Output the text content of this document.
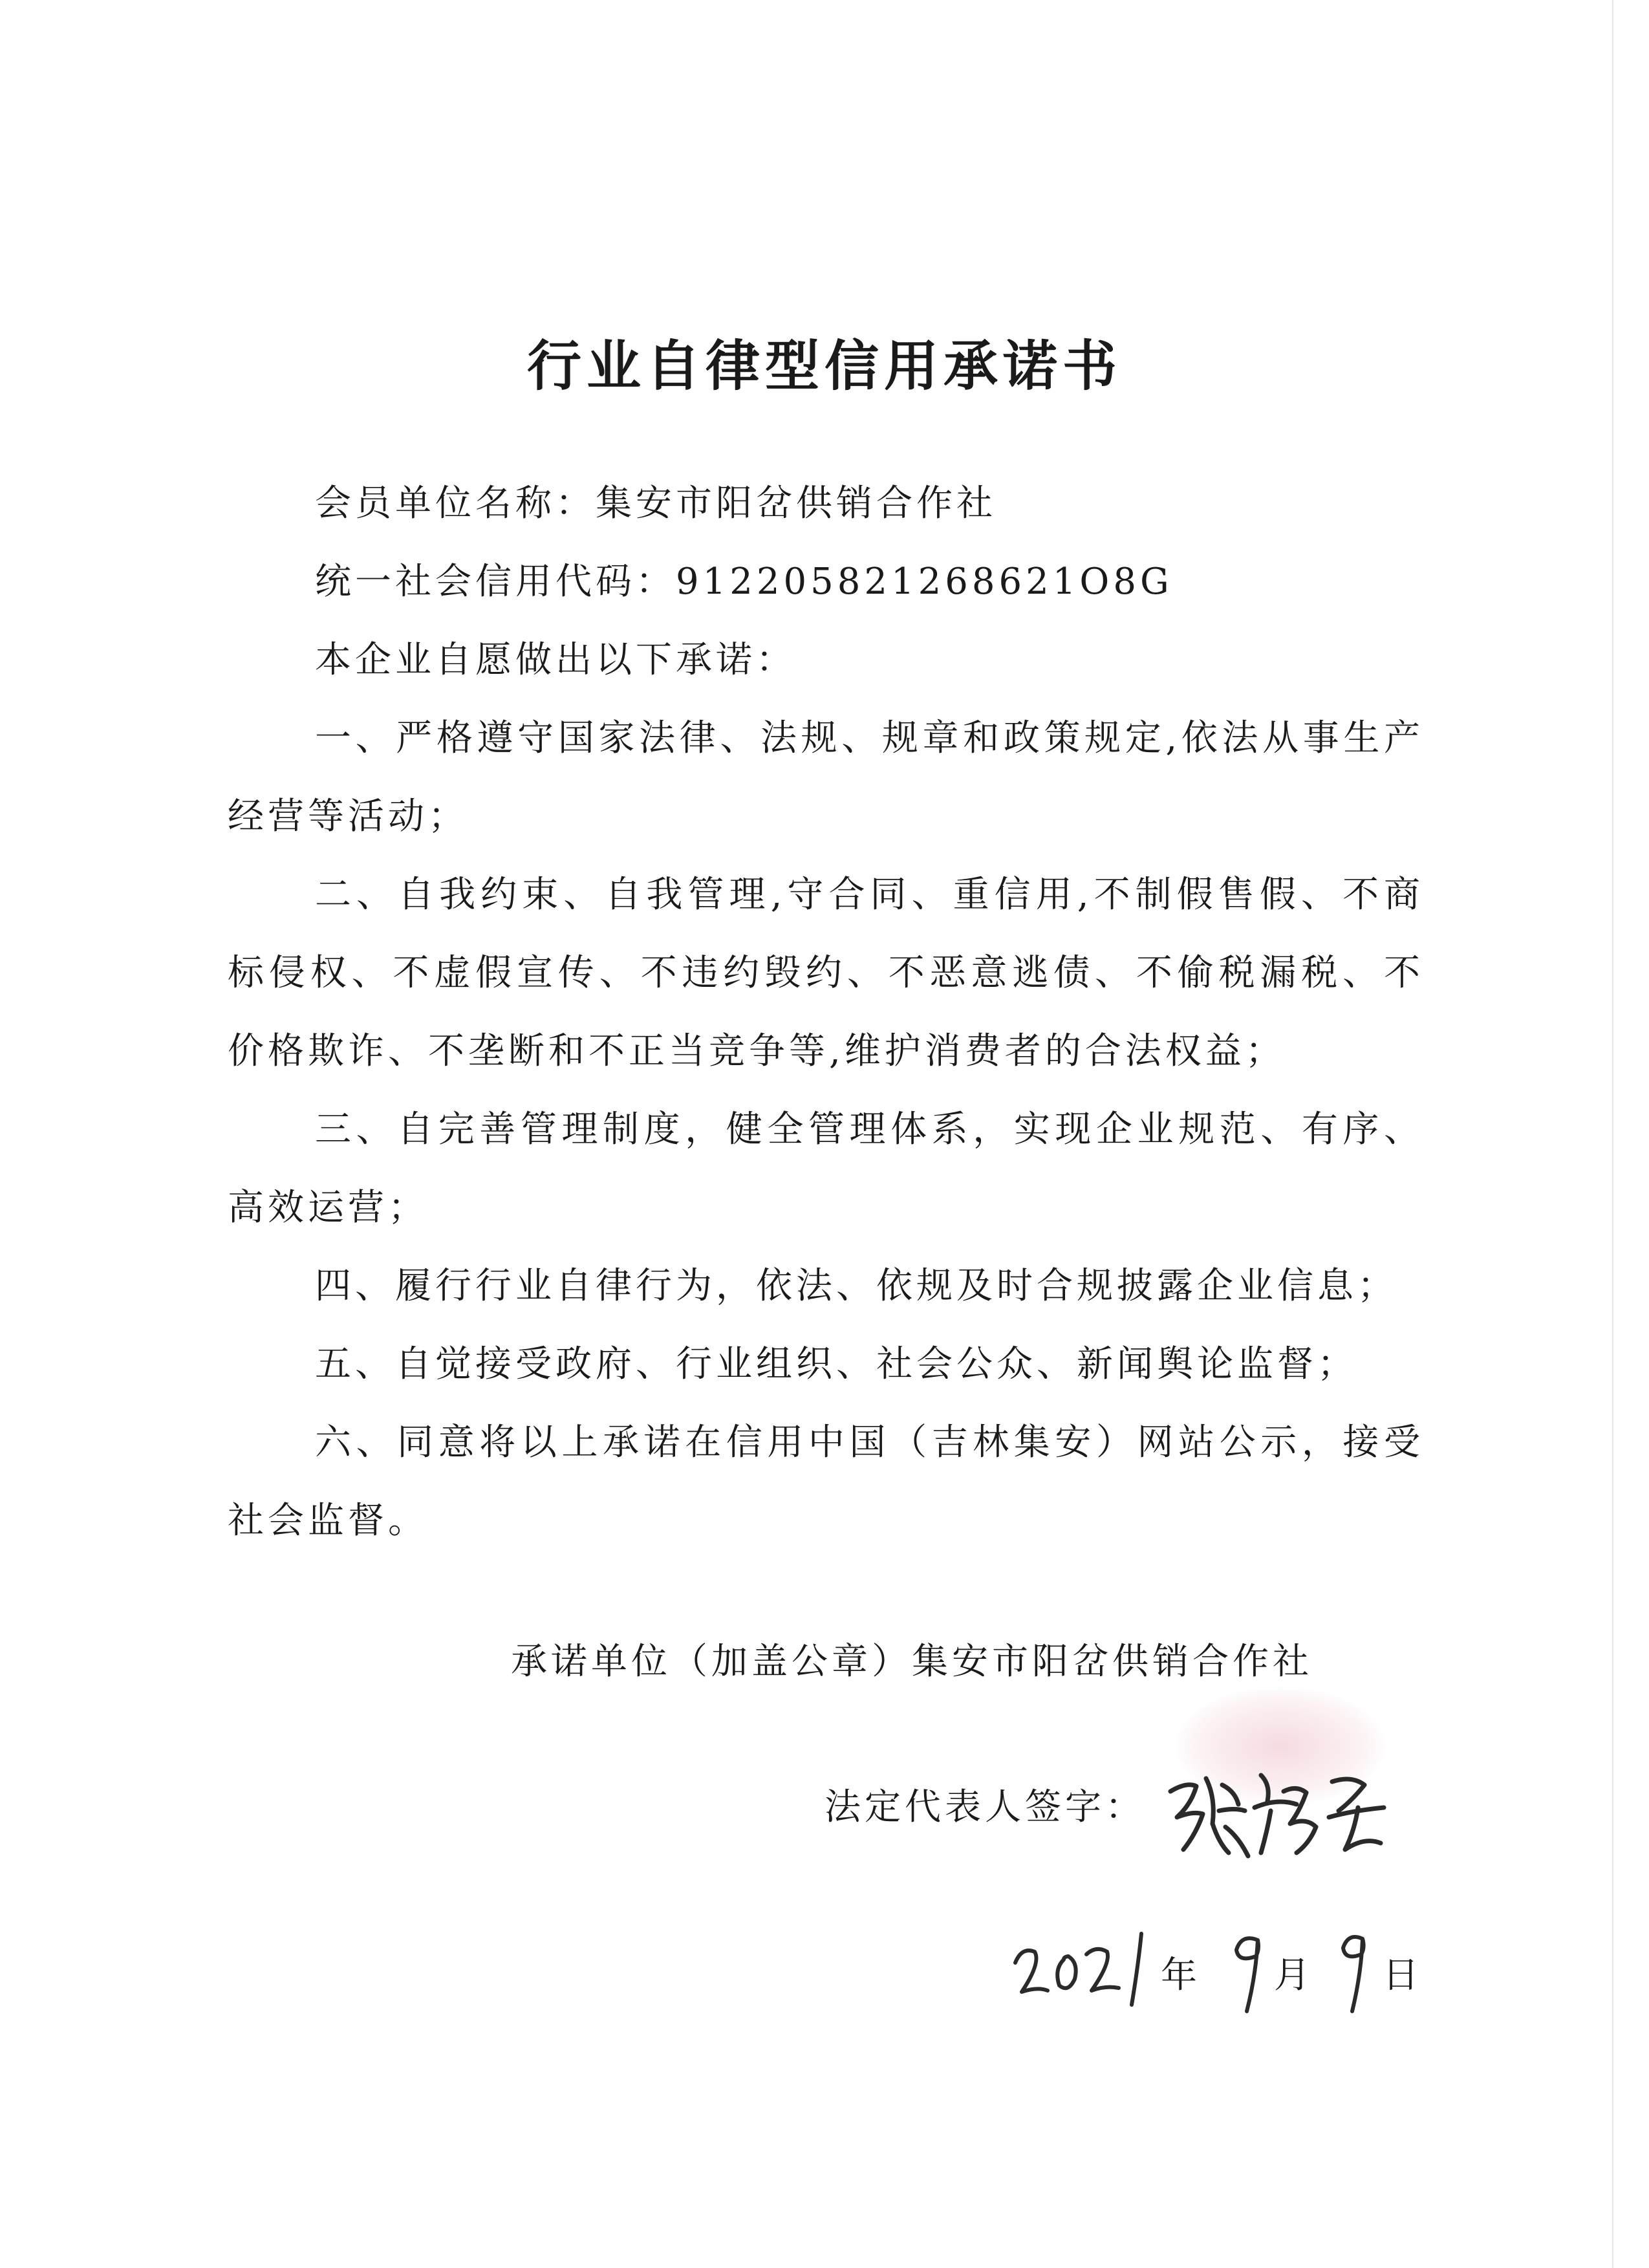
行业自律型信用承诺书

会员单位名称：集安市阳岔供销合作社

统一社会信用代码：912205821268621O8G

本企业自愿做出以下承诺：

一、严格遵守国家法律、法规、规章和政策规定,依法从事生产经营等活动；

二、自我约束、自我管理,守合同、重信用,不制假售假、不商标侵权、不虚假宣传、不违约毁约、不恶意逃债、不偷税漏税、不价格欺诈、不垄断和不正当竞争等,维护消费者的合法权益；

三、自完善管理制度，健全管理体系，实现企业规范、有序、高效运营；

四、履行行业自律行为，依法、依规及时合规披露企业信息；

五、自觉接受政府、行业组织、社会公众、新闻舆论监督；

六、同意将以上承诺在信用中国（吉林集安）网站公示，接受社会监督。

承诺单位（加盖公章）集安市阳岔供销合作社
法定代表人签字：
年 月 日
